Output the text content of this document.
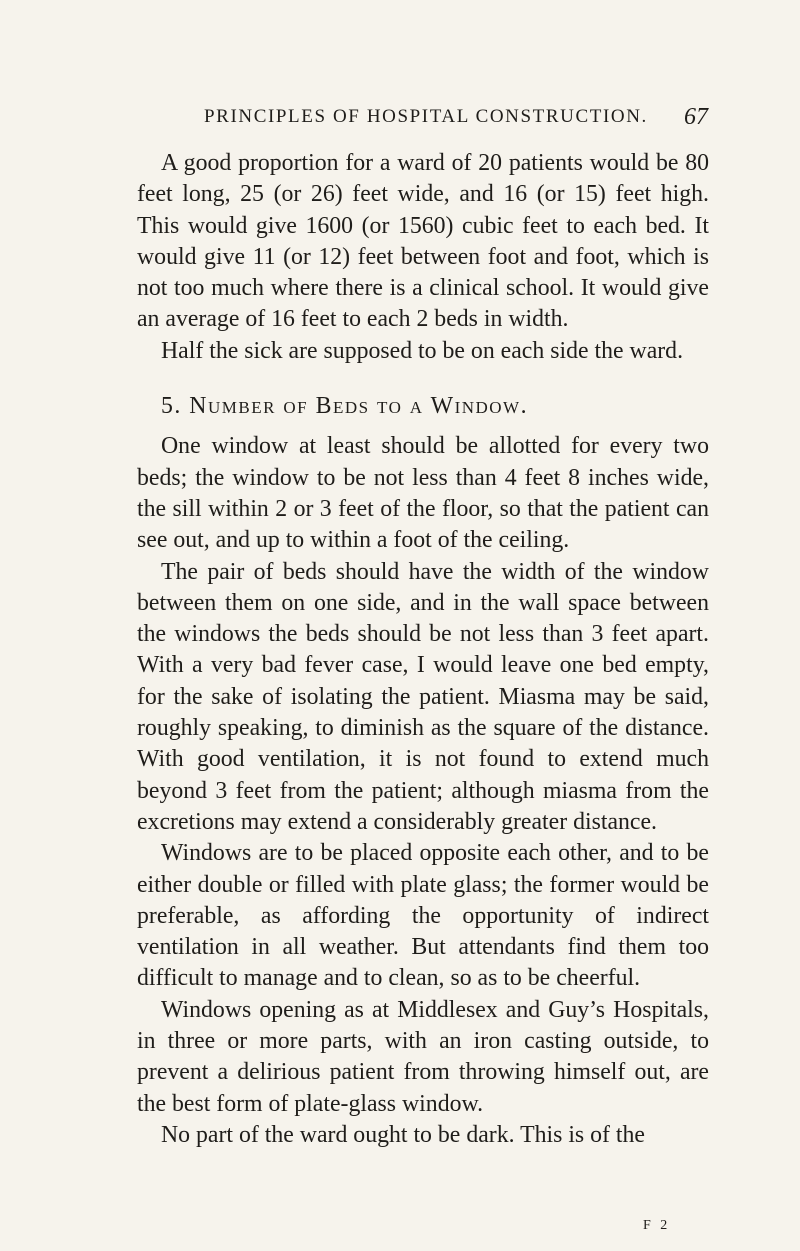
PRINCIPLES OF HOSPITAL CONSTRUCTION. 67

A good proportion for a ward of 20 patients would be 80 feet long, 25 (or 26) feet wide, and 16 (or 15) feet high. This would give 1600 (or 1560) cubic feet to each bed. It would give 11 (or 12) feet between foot and foot, which is not too much where there is a clinical school. It would give an average of 16 feet to each 2 beds in width.

Half the sick are supposed to be on each side the ward.

5. Number of Beds to a Window.

One window at least should be allotted for every two beds; the window to be not less than 4 feet 8 inches wide, the sill within 2 or 3 feet of the floor, so that the patient can see out, and up to within a foot of the ceiling.

The pair of beds should have the width of the window between them on one side, and in the wall space between the windows the beds should be not less than 3 feet apart. With a very bad fever case, I would leave one bed empty, for the sake of isolating the patient. Miasma may be said, roughly speaking, to diminish as the square of the distance. With good ventilation, it is not found to extend much beyond 3 feet from the patient; although miasma from the excretions may extend a considerably greater distance.

Windows are to be placed opposite each other, and to be either double or filled with plate glass; the former would be preferable, as affording the opportunity of indirect ventilation in all weather. But attendants find them too difficult to manage and to clean, so as to be cheerful.

Windows opening as at Middlesex and Guy’s Hospitals, in three or more parts, with an iron casting outside, to prevent a delirious patient from throwing himself out, are the best form of plate-glass window.

No part of the ward ought to be dark. This is of the

F 2
